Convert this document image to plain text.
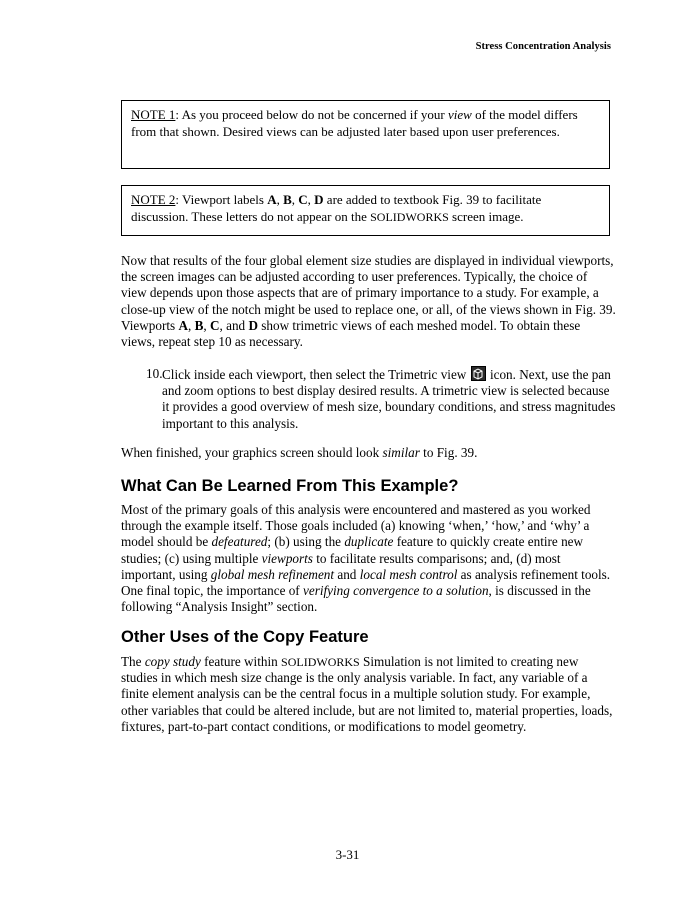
Stress Concentration Analysis
NOTE 1: As you proceed below do not be concerned if your view of the model differs from that shown. Desired views can be adjusted later based upon user preferences.
NOTE 2: Viewport labels A, B, C, D are added to textbook Fig. 39 to facilitate discussion. These letters do not appear on the SOLIDWORKS screen image.

Now that results of the four global element size studies are displayed in individual viewports, the screen images can be adjusted according to user preferences. Typically, the choice of view depends upon those aspects that are of primary importance to a study. For example, a close-up view of the notch might be used to replace one, or all, of the views shown in Fig. 39. Viewports A, B, C, and D show trimetric views of each meshed model. To obtain these views, repeat step 10 as necessary.

10. Click inside each viewport, then select the Trimetric view
icon. Next, use the pan and zoom options to best display desired results. A trimetric view is selected because it provides a good overview of mesh size, boundary conditions, and stress magnitudes important to this analysis.

When finished, your graphics screen should look similar to Fig. 39.

What Can Be Learned From This Example?

Most of the primary goals of this analysis were encountered and mastered as you worked through the example itself. Those goals included (a) knowing ‘when,’ ‘how,’ and ‘why’ a model should be defeatured; (b) using the duplicate feature to quickly create entire new studies; (c) using multiple viewports to facilitate results comparisons; and, (d) most important, using global mesh refinement and local mesh control as analysis refinement tools. One final topic, the importance of verifying convergence to a solution, is discussed in the following “Analysis Insight” section.

Other Uses of the Copy Feature

The copy study feature within SOLIDWORKS Simulation is not limited to creating new studies in which mesh size change is the only analysis variable. In fact, any variable of a finite element analysis can be the central focus in a multiple solution study. For example, other variables that could be altered include, but are not limited to, material properties, loads, fixtures, part-to-part contact conditions, or modifications to model geometry.

3-31
